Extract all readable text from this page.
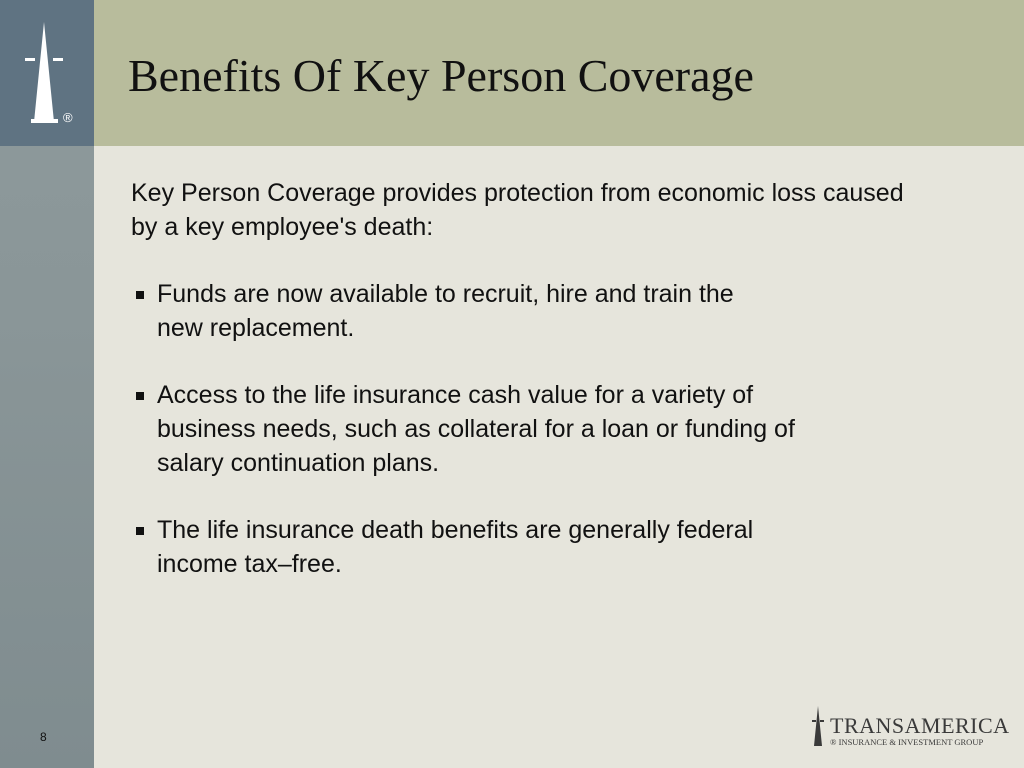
®
Benefits Of Key Person Coverage

Key Person Coverage provides protection from economic loss caused by a key employee's death:

Funds are now available to recruit, hire and train the
new replacement.
Access to the life insurance cash value for a variety of
business needs, such as collateral for a loan or funding of
salary continuation plans.
The life insurance death benefits are generally federal
income tax–free.
8	TRANSAMERICA
® INSURANCE & INVESTMENT GROUP
